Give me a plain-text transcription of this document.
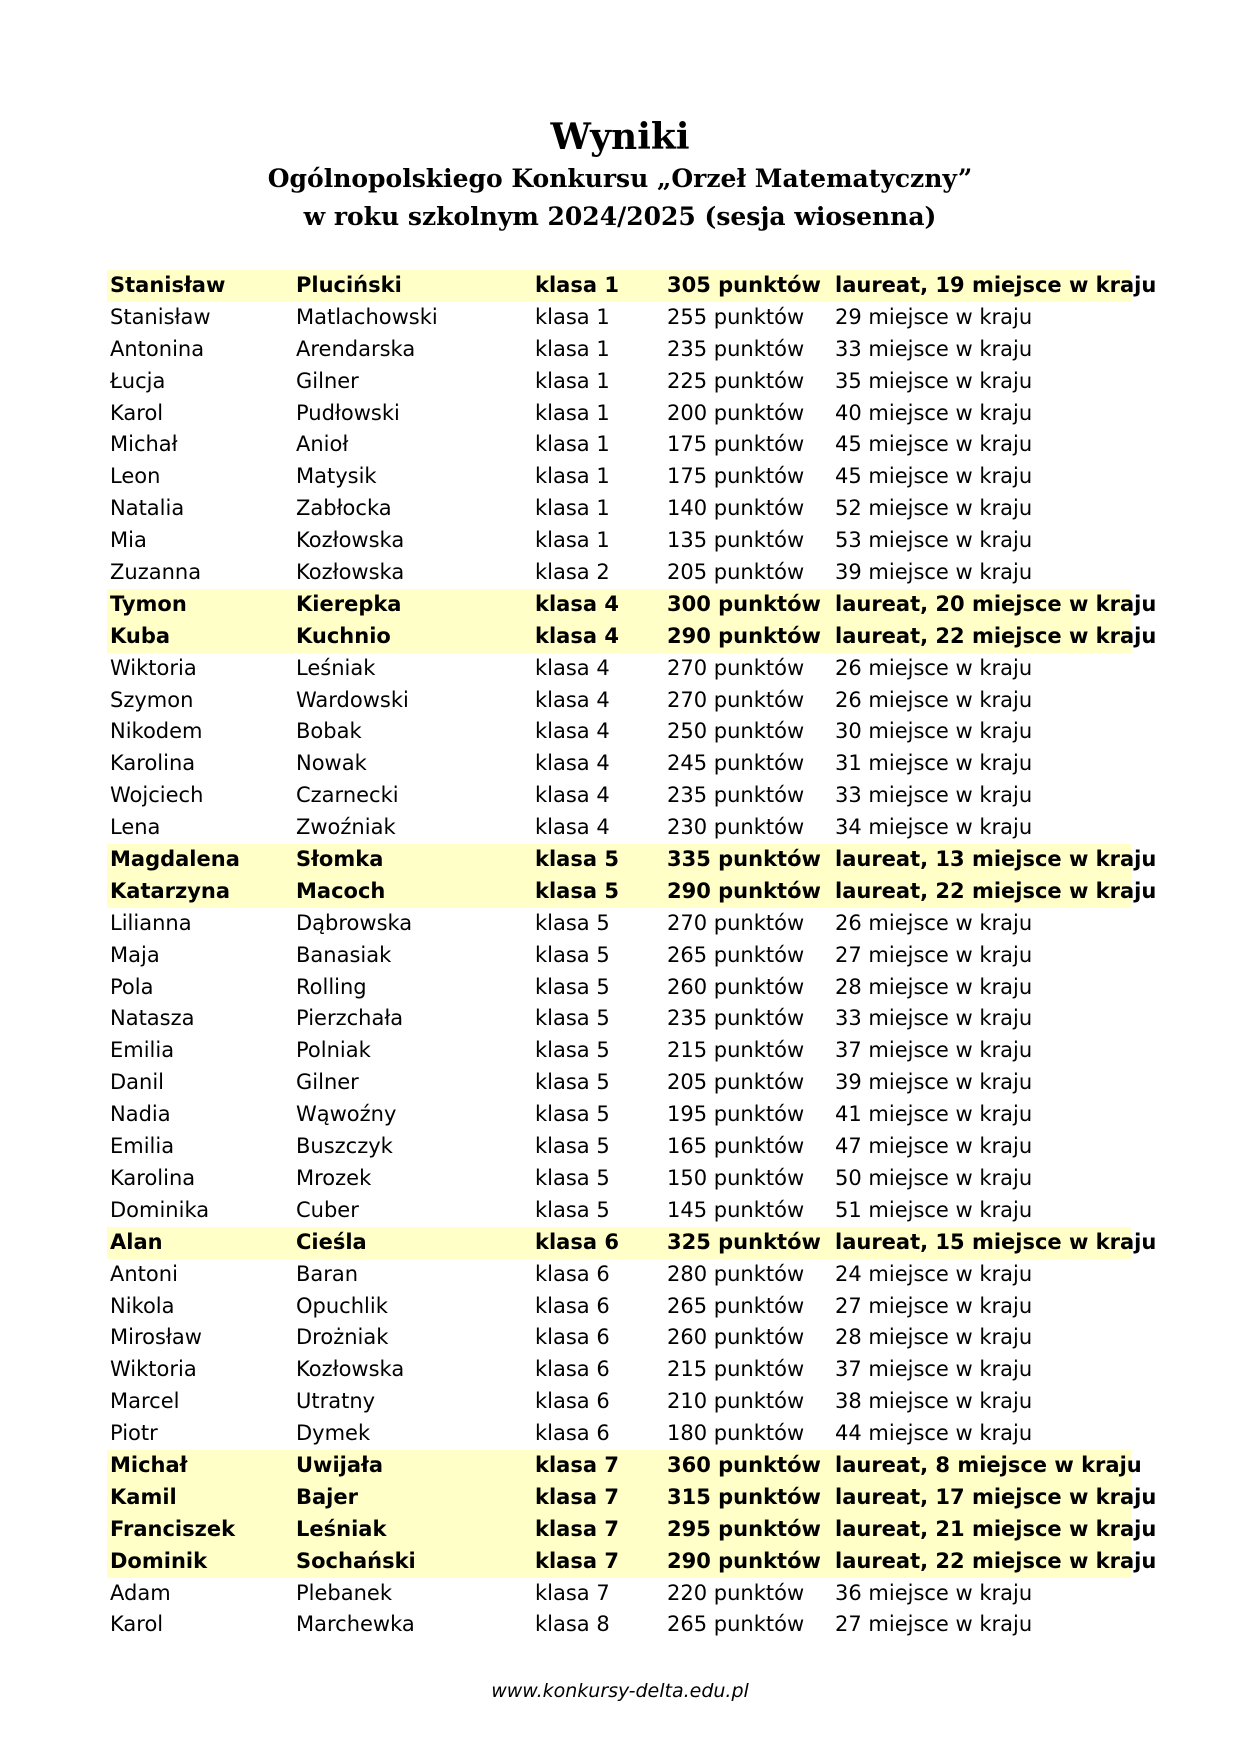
Wyniki
Ogólnopolskiego Konkursu „Orzeł Matematyczny”
w roku szkolnym 2024/2025 (sesja wiosenna)
Stanisław	Pluciński	klasa 1 305 punktów laureat, 19 miejsce w kraju
Stanisław	Matlachowski	klasa 1	255 punktów 29 miejsce w kraju
Antonina	Arendarska	klasa 1	235 punktów 33 miejsce w kraju
Łucja	Gilner	klasa 1	225 punktów 35 miejsce w kraju
Karol	Pudłowski	klasa 1	200 punktów 40 miejsce w kraju
Michał	Anioł	klasa 1	175 punktów 45 miejsce w kraju
Leon	Matysik	klasa 1	175 punktów 45 miejsce w kraju
Natalia	Zabłocka	klasa 1	140 punktów 52 miejsce w kraju
Mia	Kozłowska	klasa 1	135 punktów 53 miejsce w kraju
Zuzanna	Kozłowska	klasa 2	205 punktów 39 miejsce w kraju
Tymon	Kierepka	klasa 4 300 punktów laureat, 20 miejsce w kraju
Kuba	Kuchnio	klasa 4 290 punktów laureat, 22 miejsce w kraju
Wiktoria	Leśniak	klasa 4	270 punktów 26 miejsce w kraju
Szymon	Wardowski	klasa 4	270 punktów 26 miejsce w kraju
Nikodem	Bobak	klasa 4	250 punktów 30 miejsce w kraju
Karolina	Nowak	klasa 4	245 punktów 31 miejsce w kraju
Wojciech	Czarnecki	klasa 4	235 punktów 33 miejsce w kraju
Lena	Zwoźniak	klasa 4	230 punktów 34 miejsce w kraju
Magdalena	Słomka	klasa 5 335 punktów laureat, 13 miejsce w kraju
Katarzyna	Macoch	klasa 5 290 punktów laureat, 22 miejsce w kraju
Lilianna	Dąbrowska	klasa 5	270 punktów 26 miejsce w kraju
Maja	Banasiak	klasa 5	265 punktów 27 miejsce w kraju
Pola	Rolling	klasa 5	260 punktów 28 miejsce w kraju
Natasza	Pierzchała	klasa 5	235 punktów 33 miejsce w kraju
Emilia	Polniak	klasa 5	215 punktów 37 miejsce w kraju
Danil	Gilner	klasa 5	205 punktów 39 miejsce w kraju
Nadia	Wąwoźny	klasa 5	195 punktów 41 miejsce w kraju
Emilia	Buszczyk	klasa 5	165 punktów 47 miejsce w kraju
Karolina	Mrozek	klasa 5	150 punktów 50 miejsce w kraju
Dominika	Cuber	klasa 5	145 punktów 51 miejsce w kraju
Alan	Cieśla	klasa 6 325 punktów laureat, 15 miejsce w kraju
Antoni	Baran	klasa 6	280 punktów 24 miejsce w kraju
Nikola	Opuchlik	klasa 6	265 punktów 27 miejsce w kraju
Mirosław	Drożniak	klasa 6	260 punktów 28 miejsce w kraju
Wiktoria	Kozłowska	klasa 6	215 punktów 37 miejsce w kraju
Marcel	Utratny	klasa 6	210 punktów 38 miejsce w kraju
Piotr	Dymek	klasa 6	180 punktów 44 miejsce w kraju
Michał	Uwijała	klasa 7 360 punktów laureat, 8 miejsce w kraju
Kamil	Bajer	klasa 7 315 punktów laureat, 17 miejsce w kraju
Franciszek	Leśniak	klasa 7 295 punktów laureat, 21 miejsce w kraju
Dominik	Sochański	klasa 7 290 punktów laureat, 22 miejsce w kraju
Adam	Plebanek	klasa 7	220 punktów 36 miejsce w kraju
Karol	Marchewka	klasa 8	265 punktów 27 miejsce w kraju
www.konkursy-delta.edu.pl
